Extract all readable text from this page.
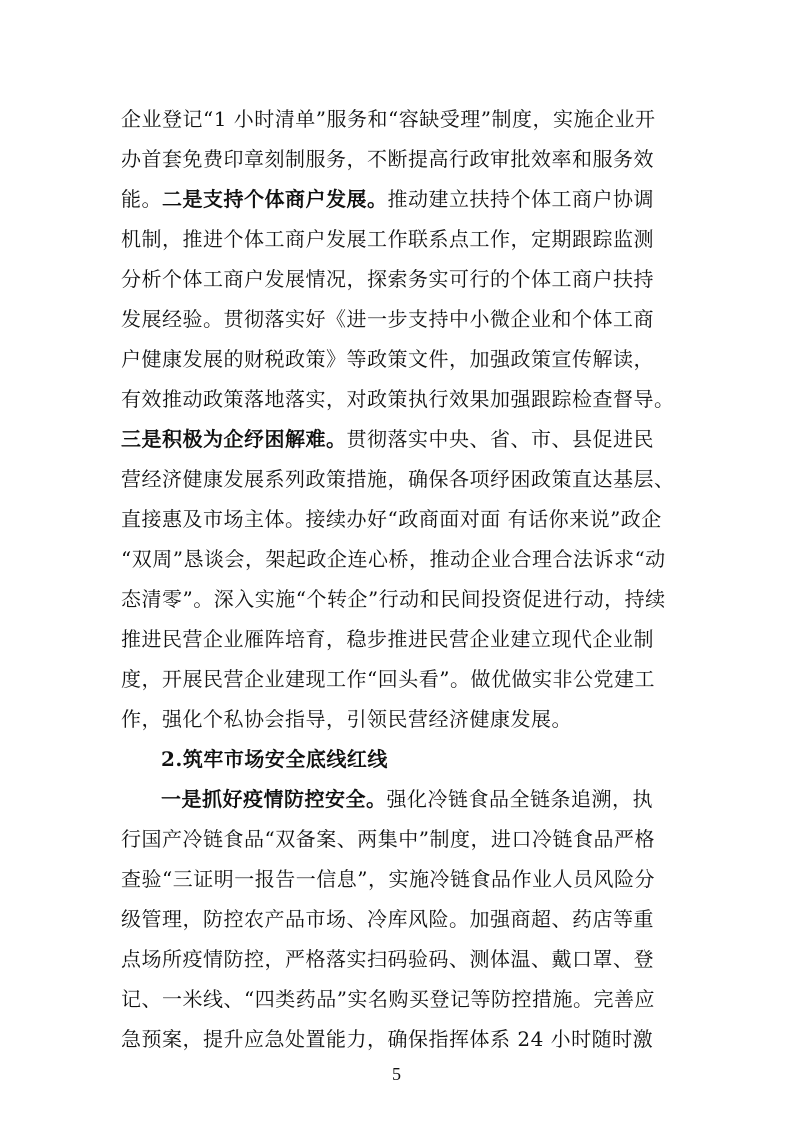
企业登记“1 小时清单”服务和“容缺受理”制度，实施企业开
办首套免费印章刻制服务，不断提高行政审批效率和服务效
能。二是支持个体商户发展。推动建立扶持个体工商户协调
机制，推进个体工商户发展工作联系点工作，定期跟踪监测
分析个体工商户发展情况，探索务实可行的个体工商户扶持
发展经验。贯彻落实好《进一步支持中小微企业和个体工商
户健康发展的财税政策》等政策文件，加强政策宣传解读，
有效推动政策落地落实，对政策执行效果加强跟踪检查督导。
三是积极为企纾困解难。贯彻落实中央、省、市、县促进民
营经济健康发展系列政策措施，确保各项纾困政策直达基层、
直接惠及市场主体。接续办好“政商面对面 有话你来说”政企
“双周”恳谈会，架起政企连心桥，推动企业合理合法诉求“动
态清零”。深入实施“个转企”行动和民间投资促进行动，持续
推进民营企业雁阵培育，稳步推进民营企业建立现代企业制
度，开展民营企业建现工作“回头看”。做优做实非公党建工
作，强化个私协会指导，引领民营经济健康发展。
2.筑牢市场安全底线红线
一是抓好疫情防控安全。强化冷链食品全链条追溯，执
行国产冷链食品“双备案、两集中”制度，进口冷链食品严格
查验“三证明一报告一信息”，实施冷链食品作业人员风险分
级管理，防控农产品市场、冷库风险。加强商超、药店等重
点场所疫情防控，严格落实扫码验码、测体温、戴口罩、登
记、一米线、“四类药品”实名购买登记等防控措施。完善应
急预案，提升应急处置能力，确保指挥体系 24 小时随时激
5
